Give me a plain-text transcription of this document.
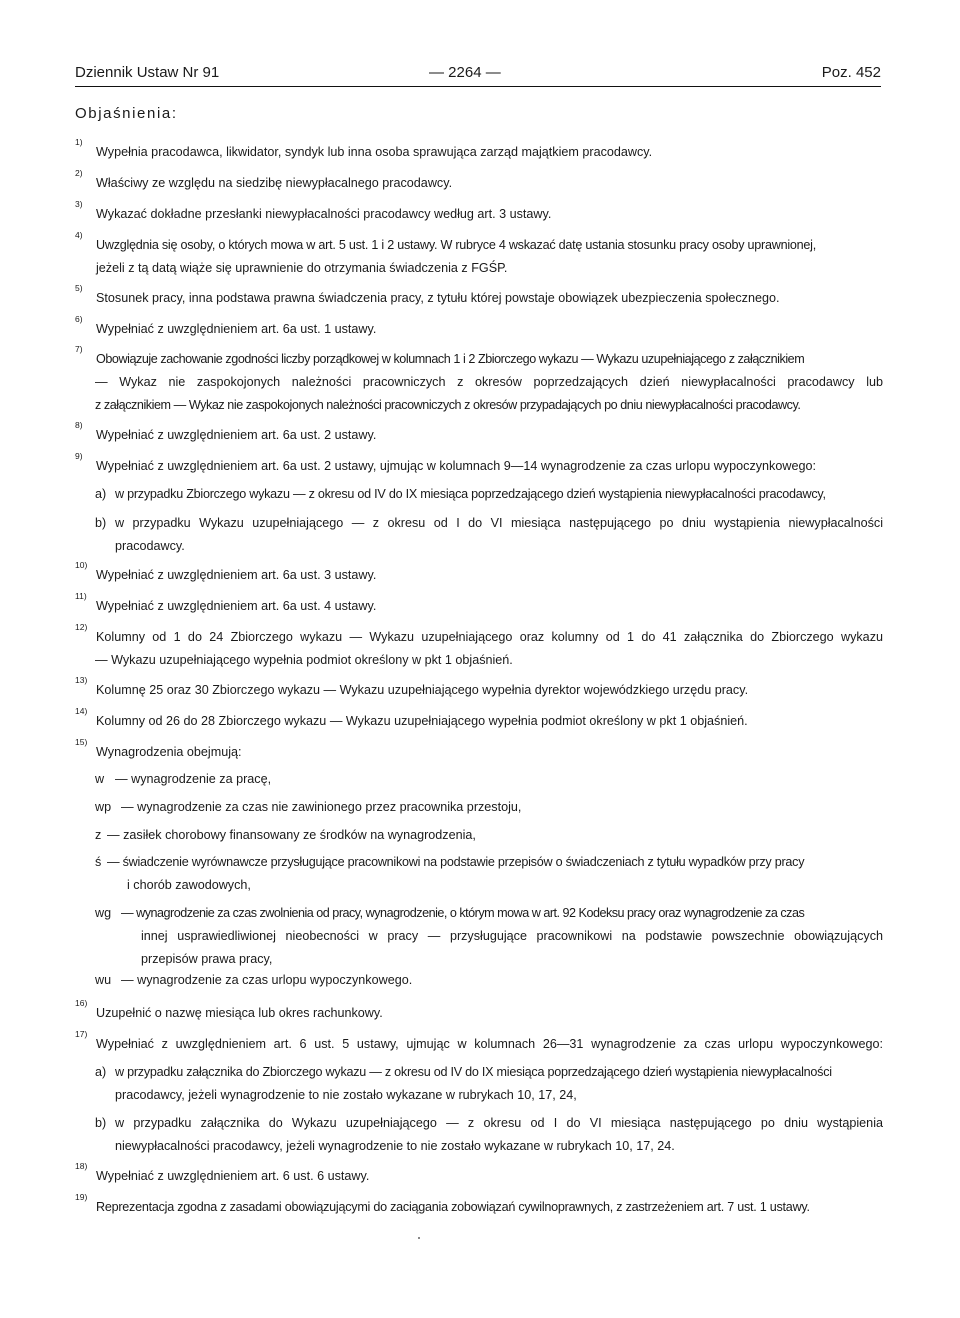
Dziennik Ustaw Nr 91	— 2264 —	Poz. 452
Objaśnienia:
1)
Wypełnia pracodawca, likwidator, syndyk lub inna osoba sprawująca zarząd majątkiem pracodawcy.
2)
Właściwy ze względu na siedzibę niewypłacalnego pracodawcy.
3)
Wykazać dokładne przesłanki niewypłacalności pracodawcy według art. 3 ustawy.
4)
Uwzględnia się osoby, o których mowa w art. 5 ust. 1 i 2 ustawy. W rubryce 4 wskazać datę ustania stosunku pracy osoby uprawnionej,
jeżeli z tą datą wiąże się uprawnienie do otrzymania świadczenia z FGŚP.
5)
Stosunek pracy, inna podstawa prawna świadczenia pracy, z tytułu której powstaje obowiązek ubezpieczenia społecznego.
6)
Wypełniać z uwzględnieniem art. 6a ust. 1 ustawy.
7)
Obowiązuje zachowanie zgodności liczby porządkowej w kolumnach 1 i 2 Zbiorczego wykazu — Wykazu uzupełniającego z załącznikiem
— Wykaz nie zaspokojonych należności pracowniczych z okresów poprzedzających dzień niewypłacalności pracodawcy lub
z załącznikiem — Wykaz nie zaspokojonych należności pracowniczych z okresów przypadających po dniu niewypłacalności pracodawcy.
8)
Wypełniać z uwzględnieniem art. 6a ust. 2 ustawy.
9)
Wypełniać z uwzględnieniem art. 6a ust. 2 ustawy, ujmując w kolumnach 9—14 wynagrodzenie za czas urlopu wypoczynkowego:
a) w przypadku Zbiorczego wykazu — z okresu od IV do IX miesiąca poprzedzającego dzień wystąpienia niewypłacalności pracodawcy,
b) w przypadku Wykazu uzupełniającego — z okresu od I do VI miesiąca następującego po dniu wystąpienia niewypłacalności
pracodawcy.
10)
Wypełniać z uwzględnieniem art. 6a ust. 3 ustawy.
11)
Wypełniać z uwzględnieniem art. 6a ust. 4 ustawy.
12)
Kolumny od 1 do 24 Zbiorczego wykazu — Wykazu uzupełniającego oraz kolumny od 1 do 41 załącznika do Zbiorczego wykazu
— Wykazu uzupełniającego wypełnia podmiot określony w pkt 1 objaśnień.
13)
Kolumnę 25 oraz 30 Zbiorczego wykazu — Wykazu uzupełniającego wypełnia dyrektor wojewódzkiego urzędu pracy.
14)
Kolumny od 26 do 28 Zbiorczego wykazu — Wykazu uzupełniającego wypełnia podmiot określony w pkt 1 objaśnień.
15)
Wynagrodzenia obejmują:
w — wynagrodzenie za pracę,
wp — wynagrodzenie za czas nie zawinionego przez pracownika przestoju,
z — zasiłek chorobowy finansowany ze środków na wynagrodzenia,
ś — świadczenie wyrównawcze przysługujące pracownikowi na podstawie przepisów o świadczeniach z tytułu wypadków przy pracy
i chorób zawodowych,
wg — wynagrodzenie za czas zwolnienia od pracy, wynagrodzenie, o którym mowa w art. 92 Kodeksu pracy oraz wynagrodzenie za czas
innej usprawiedliwionej nieobecności w pracy — przysługujące pracownikowi na podstawie powszechnie obowiązujących
przepisów prawa pracy,
wu — wynagrodzenie za czas urlopu wypoczynkowego.
16)
Uzupełnić o nazwę miesiąca lub okres rachunkowy.
17)
Wypełniać z uwzględnieniem art. 6 ust. 5 ustawy, ujmując w kolumnach 26—31 wynagrodzenie za czas urlopu wypoczynkowego:
a) w przypadku załącznika do Zbiorczego wykazu — z okresu od IV do IX miesiąca poprzedzającego dzień wystąpienia niewypłacalności
pracodawcy, jeżeli wynagrodzenie to nie zostało wykazane w rubrykach 10, 17, 24,
b) w przypadku załącznika do Wykazu uzupełniającego — z okresu od I do VI miesiąca następującego po dniu wystąpienia
niewypłacalności pracodawcy, jeżeli wynagrodzenie to nie zostało wykazane w rubrykach 10, 17, 24.
18)
Wypełniać z uwzględnieniem art. 6 ust. 6 ustawy.
19)
Reprezentacja zgodna z zasadami obowiązującymi do zaciągania zobowiązań cywilnoprawnych, z zastrzeżeniem art. 7 ust. 1 ustawy.
